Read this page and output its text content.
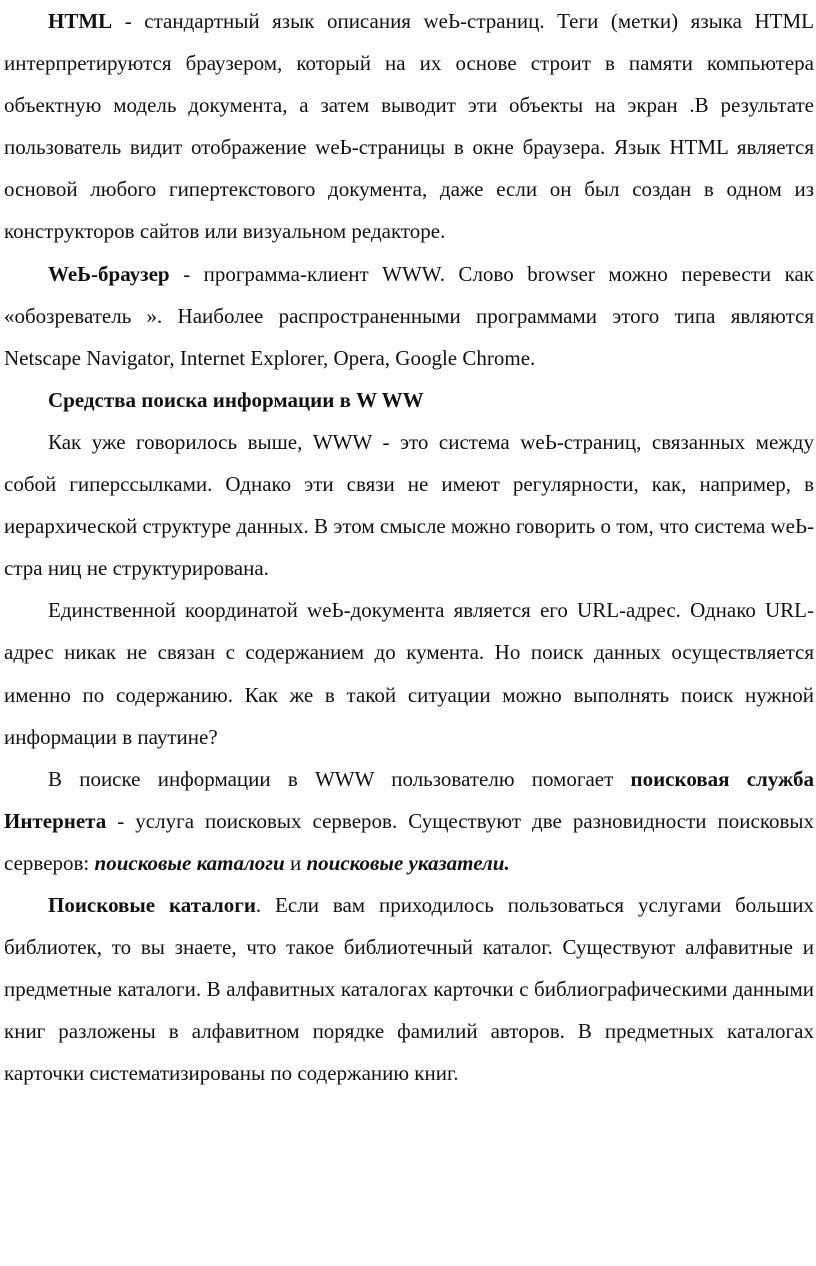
HTML - стандартный язык описания weЬ-страниц. Теги (метки) языка HTML интерпретируются браузером, который на их основе строит в памяти компьютера объектную модель документа, а затем выводит эти объекты на экран .В результате пользователь видит отображение weЬ-страницы в окне браузера. Язык HTML является основой любого гипертекстового документа, даже если он был создан в одном из конструкторов сайтов или визуальном редакторе.

WeЬ-браузер - программа-клиент WWW. Слово browser можно перевести как «обозреватель ». Наиболее распространенными программами этого типа являются Netscape Navigator, Internet Explorer, Opera, Google Chrome.

Средства поиска информации в W WW

Как уже говорилось выше, WWW - это система weЬ-страниц, связанных между собой гиперссылками. Однако эти связи не имеют регулярности, как, например, в иерархической структуре данных. В этом смысле можно говорить о том, что система weЬ-стра ниц не структурирована.

Единственной координатой weЬ-документа является его URL-адрес. Однако URL-адрес никак не связан с содержанием до кумента. Но поиск данных осуществляется именно по содержанию. Как же в такой ситуации можно выполнять поиск нужной информации в паутине?

В поиске информации в WWW пользователю помогает поисковая служба Интернета - услуга поисковых серверов. Существуют две разновидности поисковых серверов: поисковые каталоги и поисковые указатели.

Поисковые каталоги. Если вам приходилось пользоваться услугами больших библиотек, то вы знаете, что такое библиотечный каталог. Существуют алфавитные и предметные каталоги. В алфавитных каталогах карточки с библиографическими данными книг разложены в алфавитном порядке фамилий авторов. В предметных каталогах карточки систематизированы по содержанию книг.
